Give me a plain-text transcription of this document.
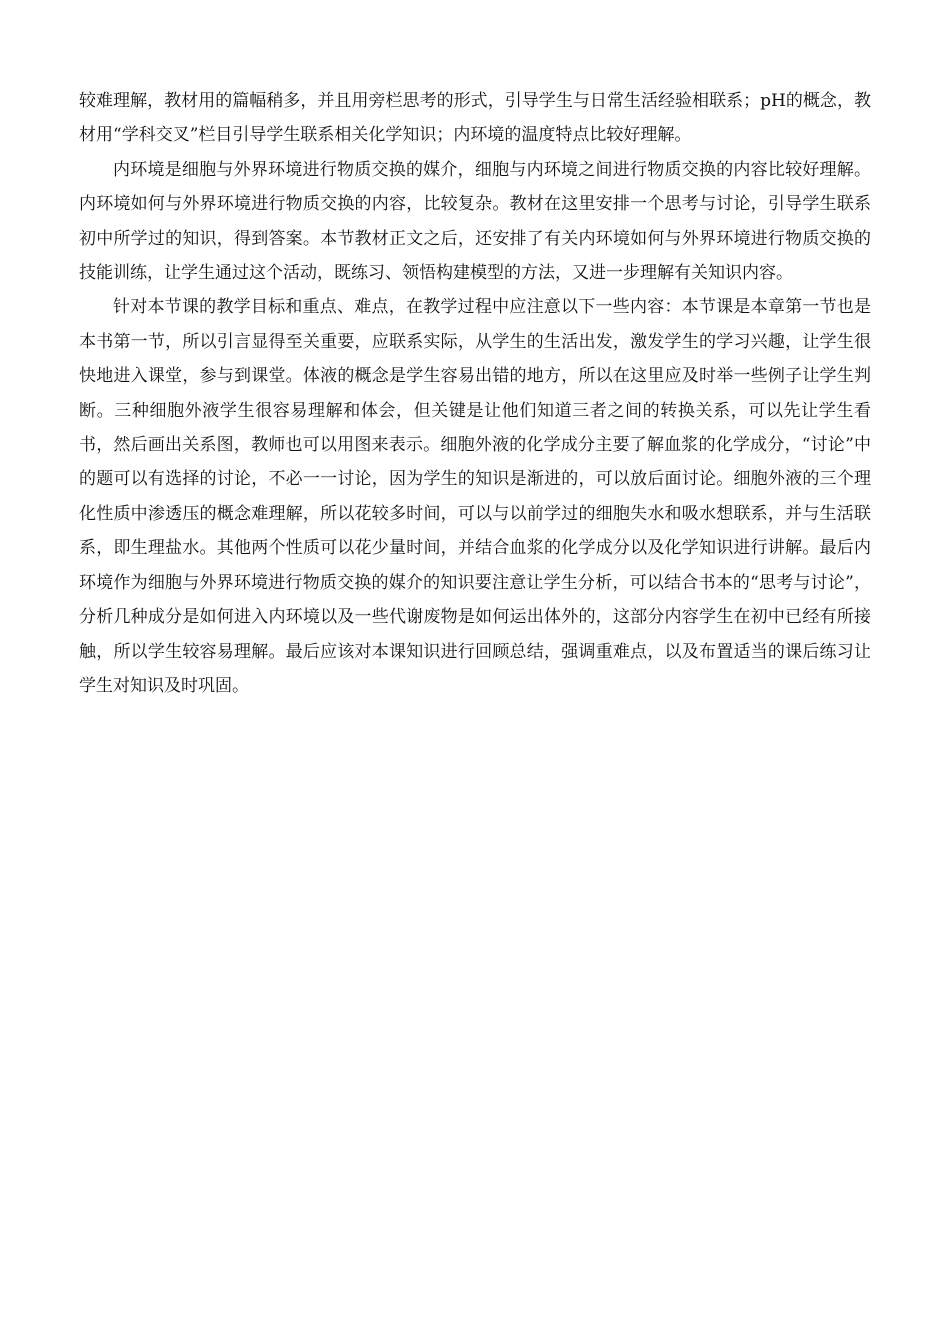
较难理解，教材用的篇幅稍多，并且用旁栏思考的形式，引导学生与日常生活经验相联系；pH的概念，教材用“学科交叉”栏目引导学生联系相关化学知识；内环境的温度特点比较好理解。

内环境是细胞与外界环境进行物质交换的媒介，细胞与内环境之间进行物质交换的内容比较好理解。内环境如何与外界环境进行物质交换的内容，比较复杂。教材在这里安排一个思考与讨论，引导学生联系初中所学过的知识，得到答案。本节教材正文之后，还安排了有关内环境如何与外界环境进行物质交换的技能训练，让学生通过这个活动，既练习、领悟构建模型的方法，又进一步理解有关知识内容。

针对本节课的教学目标和重点、难点，在教学过程中应注意以下一些内容：本节课是本章第一节也是本书第一节，所以引言显得至关重要，应联系实际，从学生的生活出发，激发学生的学习兴趣，让学生很快地进入课堂，参与到课堂。体液的概念是学生容易出错的地方，所以在这里应及时举一些例子让学生判断。三种细胞外液学生很容易理解和体会，但关键是让他们知道三者之间的转换关系，可以先让学生看书，然后画出关系图，教师也可以用图来表示。细胞外液的化学成分主要了解血浆的化学成分，“讨论”中的题可以有选择的讨论，不必一一讨论，因为学生的知识是渐进的，可以放后面讨论。细胞外液的三个理化性质中渗透压的概念难理解，所以花较多时间，可以与以前学过的细胞失水和吸水想联系，并与生活联系，即生理盐水。其他两个性质可以花少量时间，并结合血浆的化学成分以及化学知识进行讲解。最后内环境作为细胞与外界环境进行物质交换的媒介的知识要注意让学生分析，可以结合书本的“思考与讨论”，分析几种成分是如何进入内环境以及一些代谢废物是如何运出体外的，这部分内容学生在初中已经有所接触，所以学生较容易理解。最后应该对本课知识进行回顾总结，强调重难点，以及布置适当的课后练习让学生对知识及时巩固。
